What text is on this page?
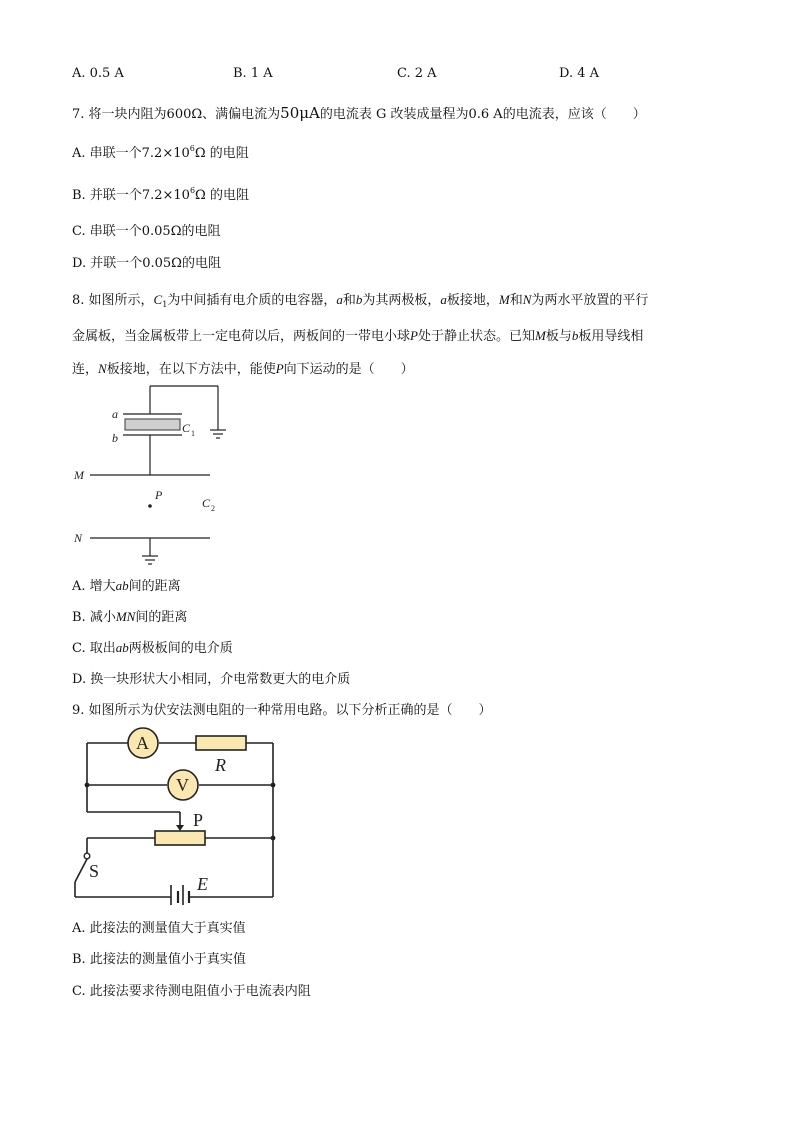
A. 0.5 A	B. 1 A	C. 2 A	D. 4 A
7. 将一块内阻为600Ω、满偏电流为50μA的电流表 G 改装成量程为0.6 A的电流表，应该（　　）
A. 串联一个$7.2\times 10^6\Omega$ 的电阻
B. 并联一个$7.2\times 10^6\Omega$ 的电阻
C. 串联一个0.05Ω的电阻
D. 并联一个0.05Ω的电阻
8. 如图所示，$C_1$为中间插有电介质的电容器，a和b为其两极板，a板接地，M和N为两水平放置的平行
金属板，当金属板带上一定电荷以后，两板间的一带电小球P处于静止状态。已知M板与b板用导线相
连，N板接地，在以下方法中，能使P向下运动的是（　　）
a
b
C 1
M
P
C 2
N
A. 增大ab间的距离
B. 减小MN间的距离
C. 取出ab两极板间的电介质
D. 换一块形状大小相同，介电常数更大的电介质
9. 如图所示为伏安法测电阻的一种常用电路。以下分析正确的是（　　）
A
R
V
P
S
E
A. 此接法的测量值大于真实值
B. 此接法的测量值小于真实值
C. 此接法要求待测电阻值小于电流表内阻
